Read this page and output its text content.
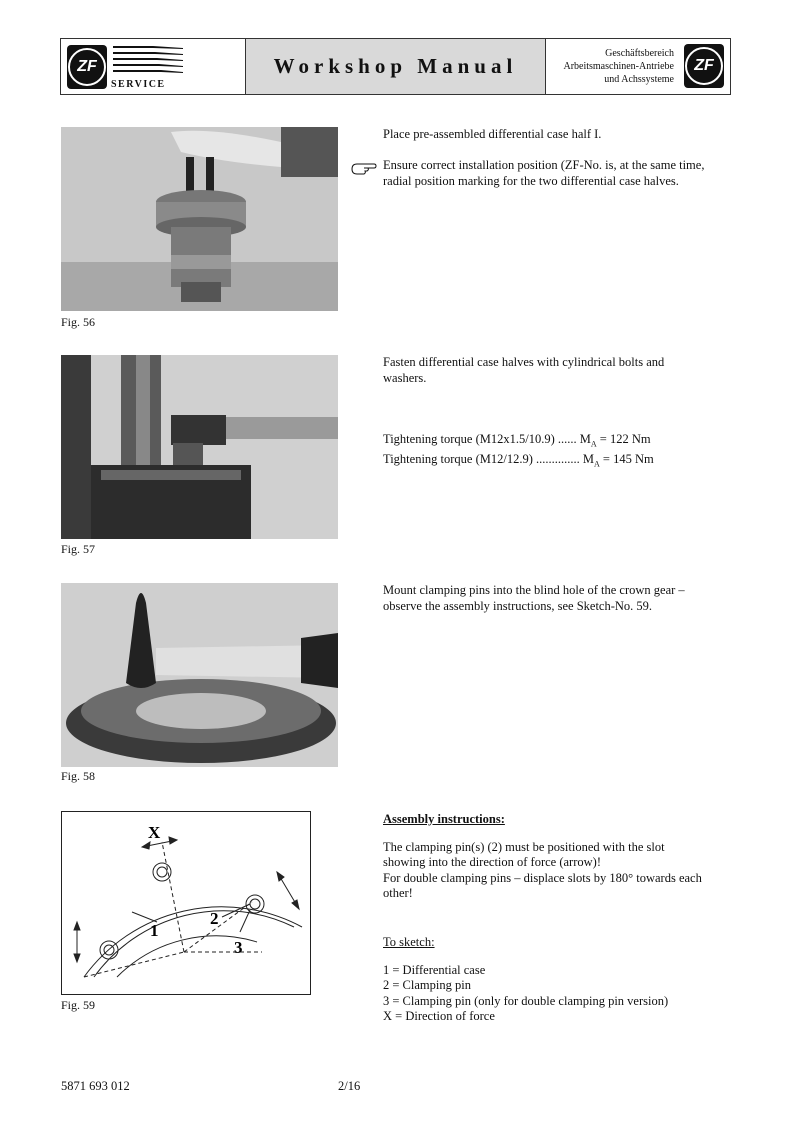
ZF
SERVICE
Workshop Manual
Geschäftsbereich
Arbeitsmaschinen-Antriebe
und Achssysteme
ZF
Fig. 56

Place pre-assembled differential case half I.

Ensure correct installation position (ZF-No. is, at the same time,

radial position marking for the two differential case halves.

Fig. 57

Fasten differential case halves with cylindrical bolts and

washers.

Tightening torque (M12x1.5/10.9) ...... $M_A = 122$ Nm

Tightening torque (M12/12.9) .............. $M_A = 145$ Nm

Fig. 58

Mount clamping pins into the blind hole of the crown gear –

observe the assembly instructions, see Sketch-No. 59.

X
1
2
3
Fig. 59

Assembly instructions:

The clamping pin(s) (2) must be positioned with the slot

showing into the direction of force (arrow)!

For double clamping pins – displace slots by 180° towards each

other!

To sketch:

1 = Differential case

2 = Clamping pin

3 = Clamping pin (only for double clamping pin version)

X = Direction of force

5871 693 012	2/16
